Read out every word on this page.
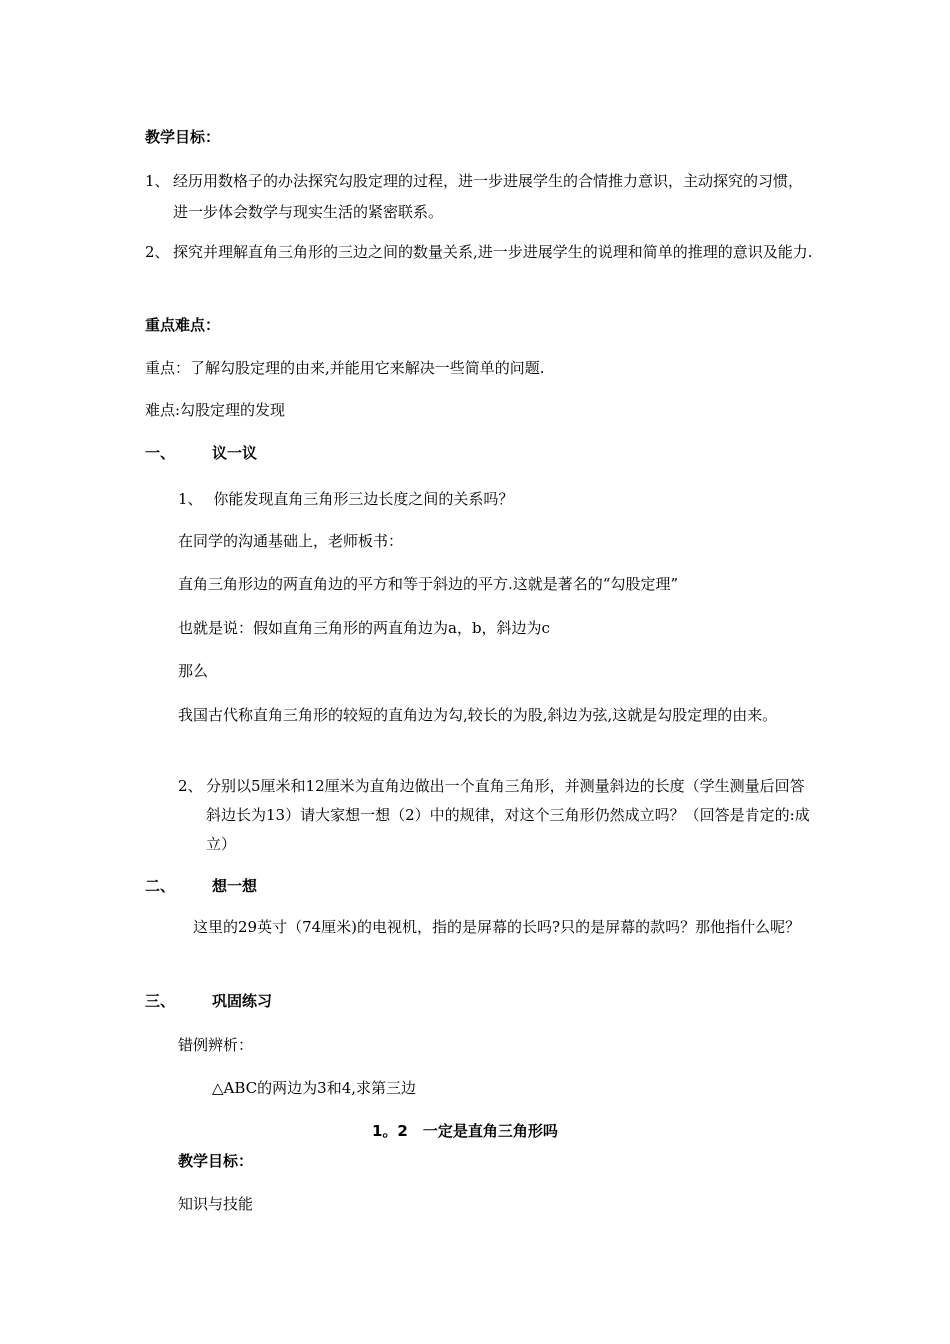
教学目标：
1、 经历用数格子的办法探究勾股定理的过程，进一步进展学生的合情推力意识，主动探究的习惯，进一步体会数学与现实生活的紧密联系。
2、 探究并理解直角三角形的三边之间的数量关系,进一步进展学生的说理和简单的推理的意识及能力.
重点难点：
重点：了解勾股定理的由来,并能用它来解决一些简单的问题.
难点:勾股定理的发现
一、 议一议
1、 你能发现直角三角形三边长度之间的关系吗？
在同学的沟通基础上，老师板书：
直角三角形边的两直角边的平方和等于斜边的平方.这就是著名的“勾股定理”
也就是说：假如直角三角形的两直角边为a，b，斜边为c
那么
我国古代称直角三角形的较短的直角边为勾,较长的为股,斜边为弦,这就是勾股定理的由来。
2、 分别以5厘米和12厘米为直角边做出一个直角三角形，并测量斜边的长度（学生测量后回答斜边长为13）请大家想一想（2）中的规律，对这个三角形仍然成立吗？（回答是肯定的:成立）
二、 想一想
这里的29英寸（74厘米)的电视机，指的是屏幕的长吗?只的是屏幕的款吗？那他指什么呢？
三、 巩固练习
错例辨析：
△ABC的两边为3和4,求第三边
1。2　一定是直角三角形吗
教学目标：
知识与技能
